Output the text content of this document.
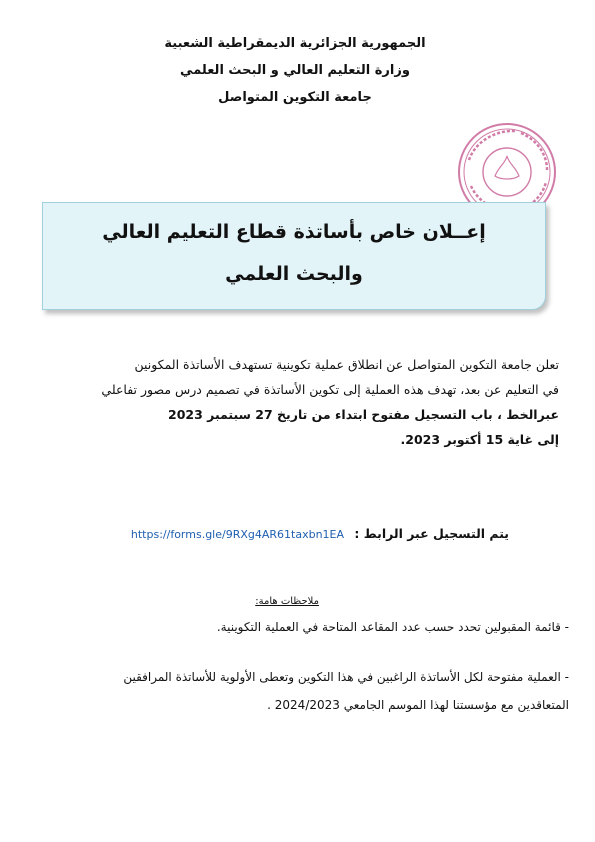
الجمهورية الجزائرية الديمقراطية الشعبية
وزارة التعليم العالي و البحث العلمي
جامعة التكوين المتواصل
إعــلان خاص بأساتذة قطاع التعليم العالي
والبحث العلمي
تعلن جامعة التكوين المتواصل عن انطلاق عملية تكوينية تستهدف الأساتذة المكونين
في التعليم عن بعد، تهدف هذه العملية إلى تكوين الأساتذة في تصميم درس مصور تفاعلي
عبرالخط ، باب التسجيل مفتوح ابتداء من تاريخ 27 سبتمبر 2023
إلى غاية 15 أكتوبر 2023.
يتم التسجيل عبر الرابط : https://forms.gle/9RXg4AR61taxbn1EA
ملاحظات هامة:
- قائمة المقبولين تحدد حسب عدد المقاعد المتاحة في العملية التكوينية.
- العملية مفتوحة لكل الأساتذة الراغبين في هذا التكوين وتعطى الأولوية للأساتذة المرافقين
المتعاقدين مع مؤسستنا لهذا الموسم الجامعي 2024/2023 .
